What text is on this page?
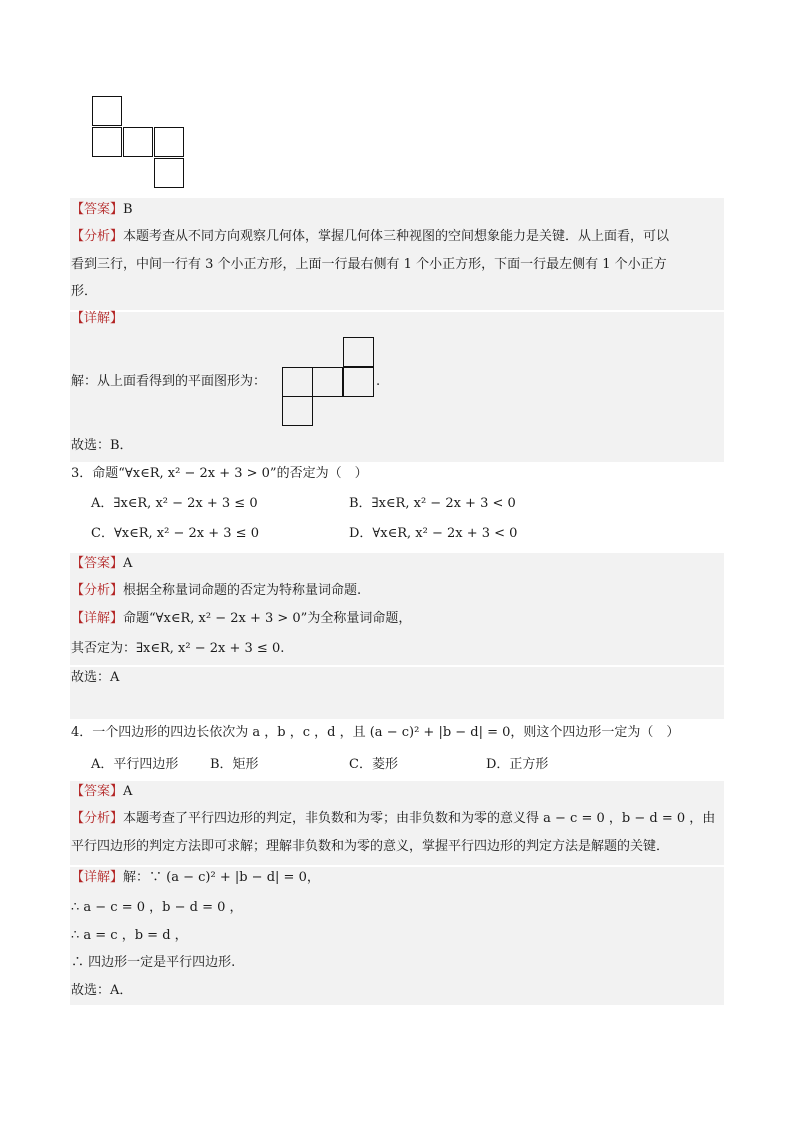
【答案】B
【分析】本题考查从不同方向观察几何体，掌握几何体三种视图的空间想象能力是关键．从上面看，可以
看到三行，中间一行有 3 个小正方形，上面一行最右侧有 1 个小正方形，下面一行最左侧有 1 个小正方
形．
【详解】
解：从上面看得到的平面图形为：	.
故选：B．
3．命题“∀x∈R, x² − 2x + 3 > 0”的否定为（　）
A．∃x∈R, x² − 2x + 3 ≤ 0	B．∃x∈R, x² − 2x + 3 < 0
C．∀x∈R, x² − 2x + 3 ≤ 0	D．∀x∈R, x² − 2x + 3 < 0
【答案】A
【分析】根据全称量词命题的否定为特称量词命题.
【详解】命题“∀x∈R, x² − 2x + 3 > 0”为全称量词命题，
其否定为：∃x∈R, x² − 2x + 3 ≤ 0.
故选：A
4．一个四边形的四边长依次为 a ，b ，c ，d ，且 (a − c)² + |b − d| = 0，则这个四边形一定为（　）
A．平行四边形 B．矩形	C．菱形	D．正方形
【答案】A
【分析】本题考查了平行四边形的判定，非负数和为零；由非负数和为零的意义得 a − c = 0 ，b − d = 0 ，由
平行四边形的判定方法即可求解；理解非负数和为零的意义，掌握平行四边形的判定方法是解题的关键．
【详解】解：∵ (a − c)² + |b − d| = 0，
∴ a − c = 0 ，b − d = 0 ，
∴ a = c ，b = d ，
∴ 四边形一定是平行四边形.
故选：A．
